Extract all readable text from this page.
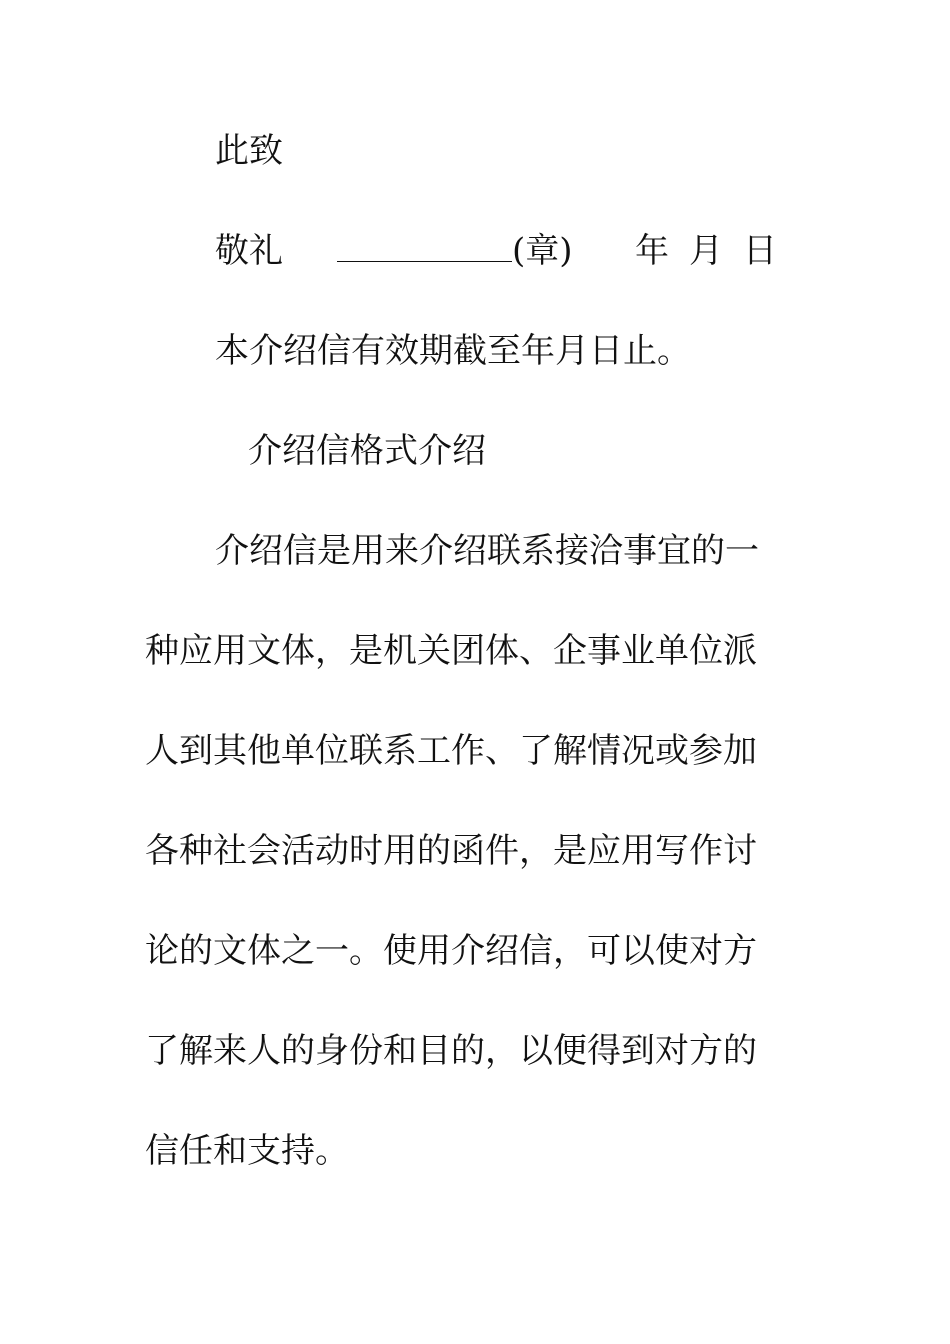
此致
敬礼	(章) 年 月 日
本介绍信有效期截至年月日止。
介绍信格式介绍
介绍信是用来介绍联系接洽事宜的一
种应用文体，是机关团体、企事业单位派
人到其他单位联系工作、了解情况或参加
各种社会活动时用的函件，是应用写作讨
论的文体之一。使用介绍信，可以使对方
了解来人的身份和目的，以便得到对方的
信任和支持。
